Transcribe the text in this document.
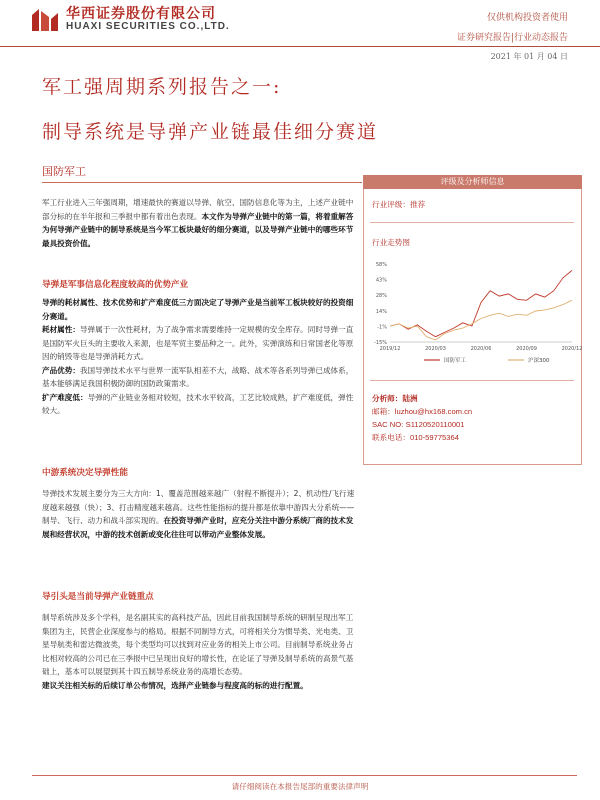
华西证券股份有限公司
HUAXI SECURITIES CO.,LTD.
仅供机构投资者使用
证券研究报告|行业动态报告
2021 年 01 月 04 日
军工强周期系列报告之一:
制导系统是导弹产业链最佳细分赛道
国防军工

军工行业进入三年强周期，增速最快的赛道以导弹、航空、国防信息化等为主，上述产业链中部分标的在半年报和三季报中都有着出色表现。本文作为导弹产业链中的第一篇，将着重解答为何导弹产业链中的制导系统是当今军工板块最好的细分赛道，以及导弹产业链中的哪些环节最具投资价值。

导弹是军事信息化程度较高的优势产业

导弹的耗材属性、技术优势和扩产难度低三方面决定了导弹产业是当前军工板块较好的投资细分赛道。

耗材属性：导弹属于一次性耗材，为了战争需求需要维持一定规模的安全库存。同时导弹一直是国防军火巨头的主要收入来源，也是军贸主要品种之一。此外，实弹演练和日常国老化等原因的销毁等也是导弹消耗方式。

产品优势：我国导弹技术水平与世界一流军队相差不大，战略、战术等各系列导弹已成体系，基本能够满足我国积极防御的国防政策需求。

扩产难度低：导弹的产业链业务相对较短，技术水平较高，工艺比较成熟，扩产难度低，弹性较大。

中游系统决定导弹性能

导弹技术发展主要分为三大方向：1、覆盖范围越来越广（射程不断提升）；2、机动性/飞行速度越来越强（快）；3、打击精度越来越高。这些性能指标的提升都是依靠中游四大分系统——制导、飞行、动力和战斗部实现的。在投资导弹产业时，应充分关注中游分系统厂商的技术发展和经营状况，中游的技术创新或变化往往可以带动产业整体发展。

导引头是当前导弹产业链重点

制导系统涉及多个学科，是名副其实的高科技产品，因此目前我国制导系统的研制呈现出军工集团为主，民营企业深度参与的格局。根据不同制导方式，可将相关分为惯导类、光电类、卫星导航类和雷达微波类，每个类型均可以找到对应业务的相关上市公司。目前制导系统业务占比相对较高的公司已在三季报中已呈现出良好的增长性，在论证了导弹及制导系统的高景气基础上，基本可以展望到其十四五制导系统业务的高增长态势。

建议关注相关标的后续订单公布情况，选择产业链参与程度高的标的进行配置。

评级及分析师信息
行业评级：推荐
行业走势图
58%
43%
28%
14%
-1%
-15%
2019/12	2020/03	2020/06	2020/09	2020/12
国防军工	沪深300
分析师：陆洲
邮箱：luzhou@hx168.com.cn
SAC NO: S1120520110001
联系电话：010-59775364
请仔细阅读在本报告尾部的重要法律声明
